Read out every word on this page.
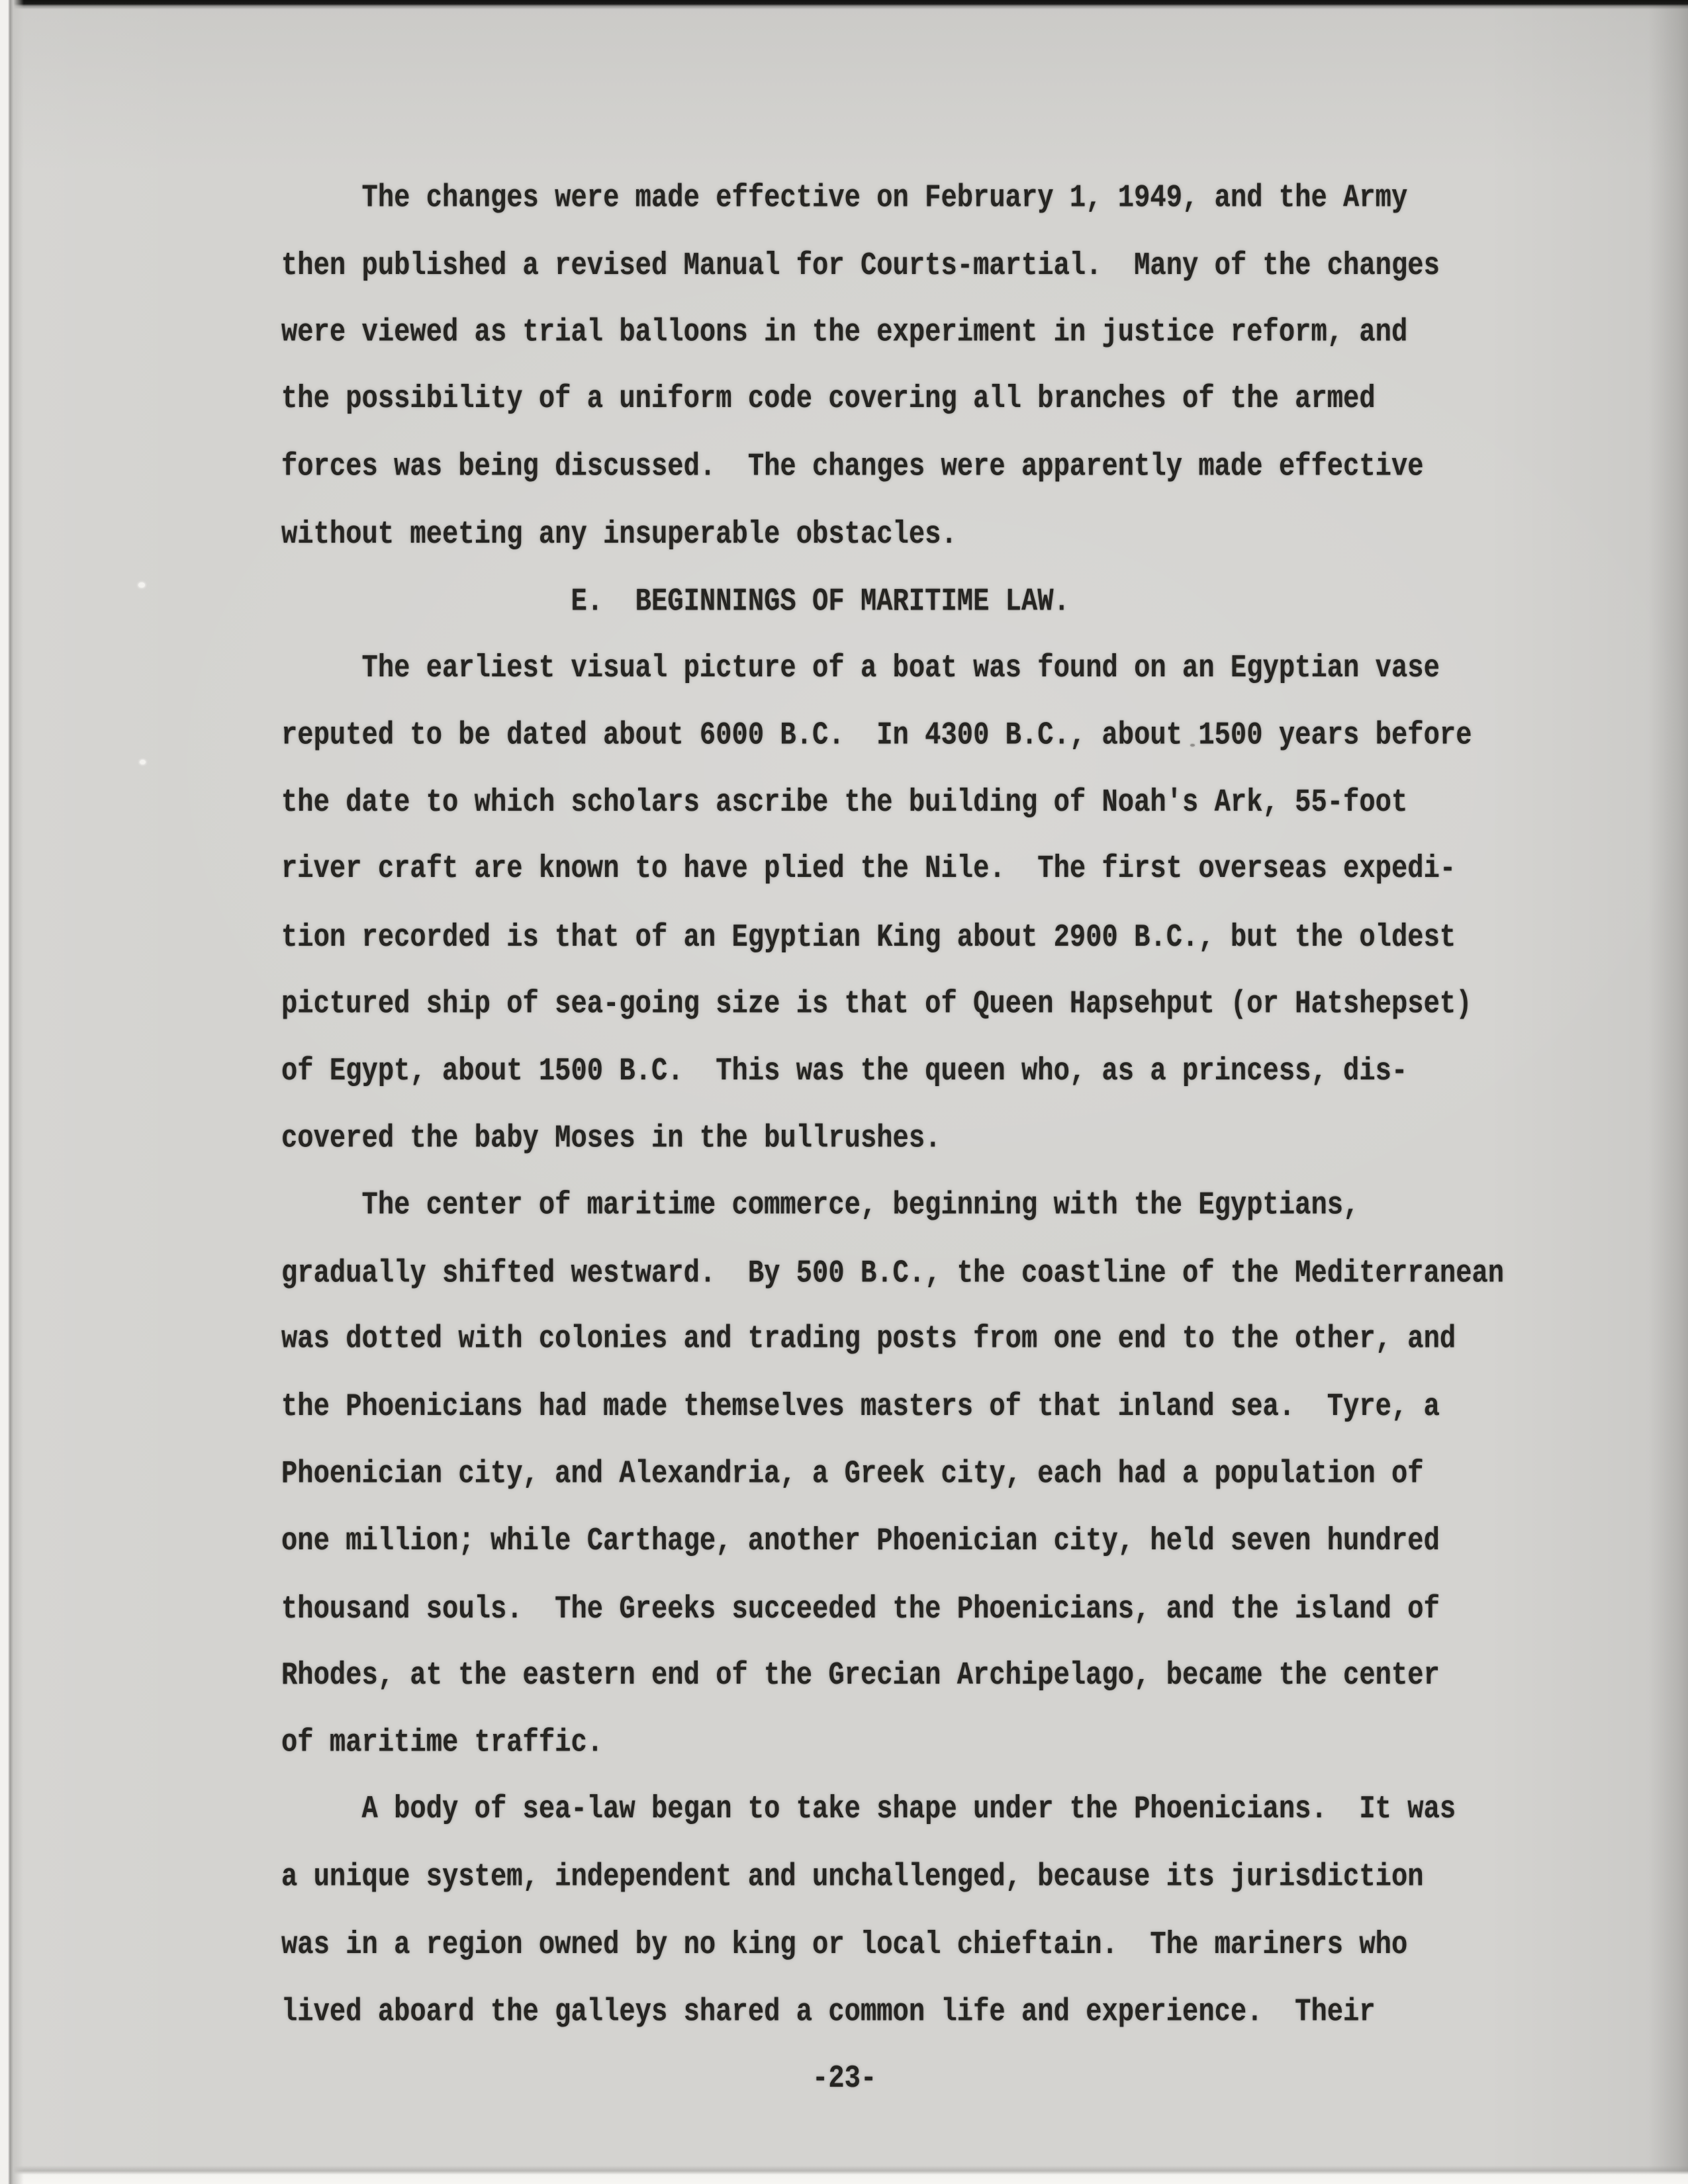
The changes were made effective on February 1, 1949, and the Army
then published a revised Manual for Courts-martial.  Many of the changes
were viewed as trial balloons in the experiment in justice reform, and
the possibility of a uniform code covering all branches of the armed
forces was being discussed.  The changes were apparently made effective
without meeting any insuperable obstacles.
E.  BEGINNINGS OF MARITIME LAW.
The earliest visual picture of a boat was found on an Egyptian vase
reputed to be dated about 6000 B.C.  In 4300 B.C., about 1500 years before
the date to which scholars ascribe the building of Noah's Ark, 55-foot
river craft are known to have plied the Nile.  The first overseas expedi-
tion recorded is that of an Egyptian King about 2900 B.C., but the oldest
pictured ship of sea-going size is that of Queen Hapsehput (or Hatshepset)
of Egypt, about 1500 B.C.  This was the queen who, as a princess, dis-
covered the baby Moses in the bullrushes.
The center of maritime commerce, beginning with the Egyptians,
gradually shifted westward.  By 500 B.C., the coastline of the Mediterranean
was dotted with colonies and trading posts from one end to the other, and
the Phoenicians had made themselves masters of that inland sea.  Tyre, a
Phoenician city, and Alexandria, a Greek city, each had a population of
one million; while Carthage, another Phoenician city, held seven hundred
thousand souls.  The Greeks succeeded the Phoenicians, and the island of
Rhodes, at the eastern end of the Grecian Archipelago, became the center
of maritime traffic.
A body of sea-law began to take shape under the Phoenicians.  It was
a unique system, independent and unchallenged, because its jurisdiction
was in a region owned by no king or local chieftain.  The mariners who
lived aboard the galleys shared a common life and experience.  Their
-23-
